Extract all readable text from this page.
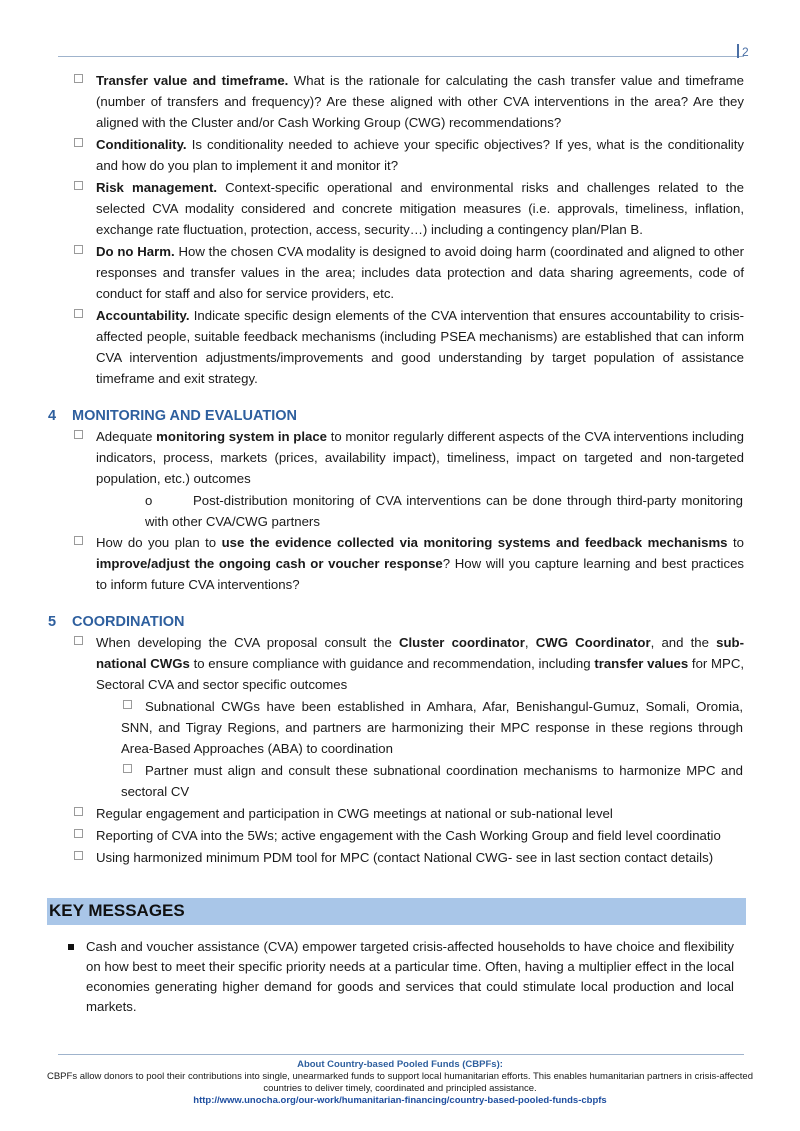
2
Transfer value and timeframe. What is the rationale for calculating the cash transfer value and timeframe (number of transfers and frequency)? Are these aligned with other CVA interventions in the area? Are they aligned with the Cluster and/or Cash Working Group (CWG) recommendations?
Conditionality. Is conditionality needed to achieve your specific objectives? If yes, what is the conditionality and how do you plan to implement it and monitor it?
Risk management. Context-specific operational and environmental risks and challenges related to the selected CVA modality considered and concrete mitigation measures (i.e. approvals, timeliness, inflation, exchange rate fluctuation, protection, access, security…) including a contingency plan/Plan B.
Do no Harm. How the chosen CVA modality is designed to avoid doing harm (coordinated and aligned to other responses and transfer values in the area; includes data protection and data sharing agreements, code of conduct for staff and also for service providers, etc.
Accountability. Indicate specific design elements of the CVA intervention that ensures accountability to crisis-affected people, suitable feedback mechanisms (including PSEA mechanisms) are established that can inform CVA intervention adjustments/improvements and good understanding by target population of assistance timeframe and exit strategy.
4	MONITORING AND EVALUATION
Adequate monitoring system in place to monitor regularly different aspects of the CVA interventions including indicators, process, markets (prices, availability impact), timeliness, impact on targeted and non-targeted population, etc.) outcomes
o	Post-distribution monitoring of CVA interventions can be done through third-party monitoring with other CVA/CWG partners
How do you plan to use the evidence collected via monitoring systems and feedback mechanisms to improve/adjust the ongoing cash or voucher response? How will you capture learning and best practices to inform future CVA interventions?
5	COORDINATION
When developing the CVA proposal consult the Cluster coordinator, CWG Coordinator, and the sub-national CWGs to ensure compliance with guidance and recommendation, including transfer values for MPC, Sectoral CVA and sector specific outcomes
Subnational CWGs have been established in Amhara, Afar, Benishangul-Gumuz, Somali, Oromia, SNN, and Tigray Regions, and partners are harmonizing their MPC response in these regions through Area-Based Approaches (ABA) to coordination
Partner must align and consult these subnational coordination mechanisms to harmonize MPC and sectoral CV
Regular engagement and participation in CWG meetings at national or sub-national level
Reporting of CVA into the 5Ws; active engagement with the Cash Working Group and field level coordinatio
Using harmonized minimum PDM tool for MPC (contact National CWG- see in last section contact details)
KEY MESSAGES
Cash and voucher assistance (CVA) empower targeted crisis-affected households to have choice and flexibility on how best to meet their specific priority needs at a particular time. Often, having a multiplier effect in the local economies generating higher demand for goods and services that could stimulate local production and local markets.
About Country-based Pooled Funds (CBPFs):
CBPFs allow donors to pool their contributions into single, unearmarked funds to support local humanitarian efforts. This enables humanitarian partners in crisis-affected countries to deliver timely, coordinated and principled assistance.
http://www.unocha.org/our-work/humanitarian-financing/country-based-pooled-funds-cbpfs
